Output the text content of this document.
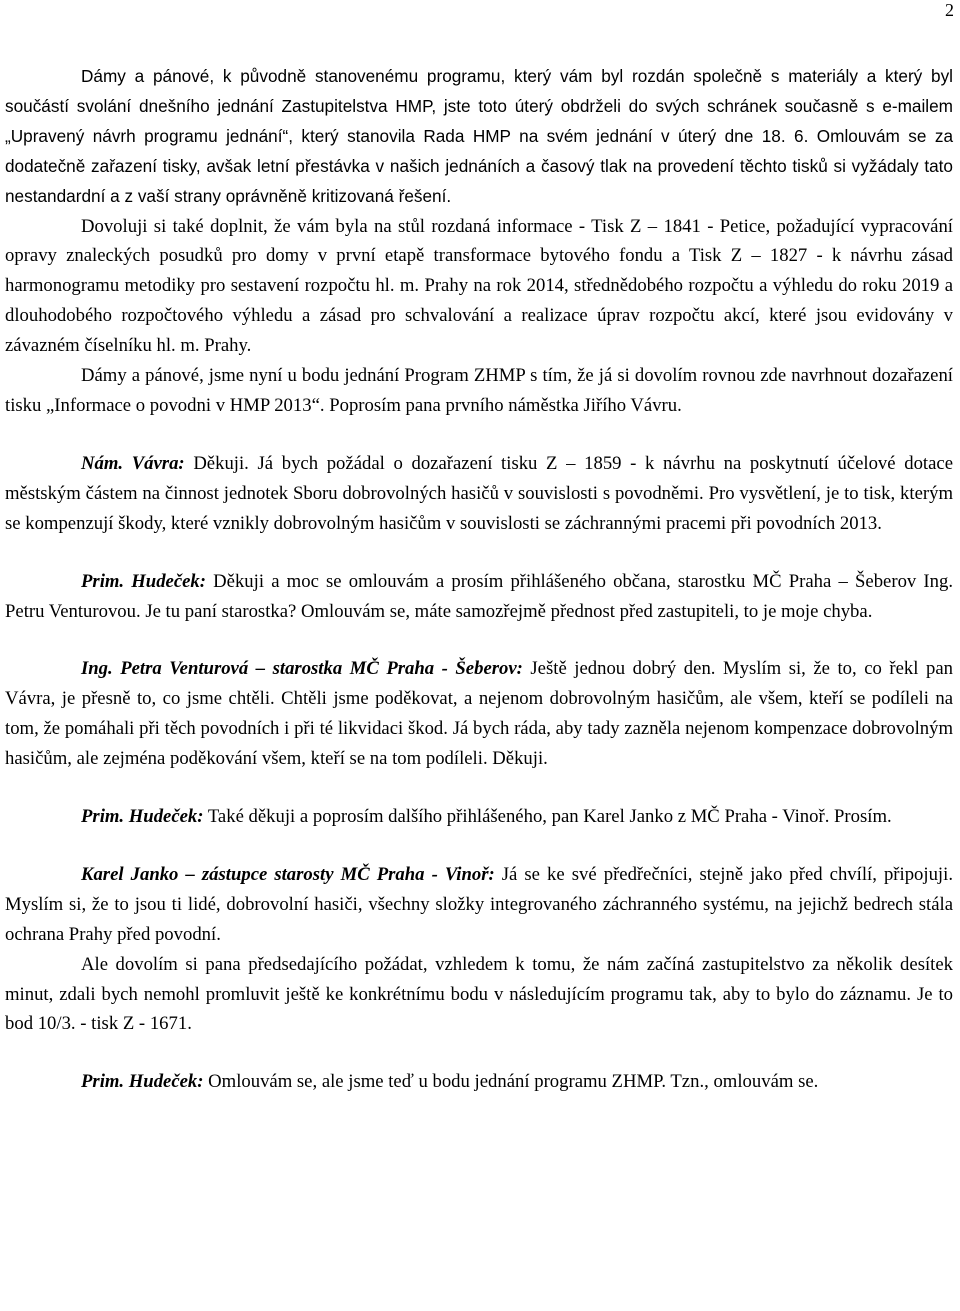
2

Dámy a pánové, k původně stanovenému programu, který vám byl rozdán společně s materiály a který byl součástí svolání dnešního jednání Zastupitelstva HMP, jste toto úterý obdrželi do svých schránek současně s e-mailem „Upravený návrh programu jednání“, který stanovila Rada HMP na svém jednání v úterý dne 18. 6. Omlouvám se za dodatečně zařazení tisky, avšak letní přestávka v našich jednáních a časový tlak na provedení těchto tisků si vyžádaly tato nestandardní a z vaší strany oprávněně kritizovaná řešení.

Dovoluji si také doplnit, že vám byla na stůl rozdaná informace - Tisk Z – 1841 - Petice, požadující vypracování opravy znaleckých posudků pro domy v první etapě transformace bytového fondu a Tisk Z – 1827 - k návrhu zásad harmonogramu metodiky pro sestavení rozpočtu hl. m. Prahy na rok 2014, střednědobého rozpočtu a výhledu do roku 2019 a dlouhodobého rozpočtového výhledu a zásad pro schvalování a realizace úprav rozpočtu akcí, které jsou evidovány v závazném číselníku hl. m. Prahy.

Dámy a pánové, jsme nyní u bodu jednání Program ZHMP s tím, že já si dovolím rovnou zde navrhnout dozařazení tisku „Informace o povodni v HMP 2013“. Poprosím pana prvního náměstka Jiřího Vávru.

Nám. Vávra: Děkuji. Já bych požádal o dozařazení tisku Z – 1859 - k návrhu na poskytnutí účelové dotace městským částem na činnost jednotek Sboru dobrovolných hasičů v souvislosti s povodněmi. Pro vysvětlení, je to tisk, kterým se kompenzují škody, které vznikly dobrovolným hasičům v souvislosti se záchrannými pracemi při povodních 2013.

Prim. Hudeček: Děkuji a moc se omlouvám a prosím přihlášeného občana, starostku MČ Praha – Šeberov Ing. Petru Venturovou. Je tu paní starostka? Omlouvám se, máte samozřejmě přednost před zastupiteli, to je moje chyba.

Ing. Petra Venturová – starostka MČ Praha - Šeberov: Ještě jednou dobrý den. Myslím si, že to, co řekl pan Vávra, je přesně to, co jsme chtěli. Chtěli jsme poděkovat, a nejenom dobrovolným hasičům, ale všem, kteří se podíleli na tom, že pomáhali při těch povodních i při té likvidaci škod. Já bych ráda, aby tady zazněla nejenom kompenzace dobrovolným hasičům, ale zejména poděkování všem, kteří se na tom podíleli. Děkuji.

Prim. Hudeček: Také děkuji a poprosím dalšího přihlášeného, pan Karel Janko z MČ Praha - Vinoř. Prosím.

Karel Janko – zástupce starosty MČ Praha - Vinoř: Já se ke své předřečníci, stejně jako před chvílí, připojuji. Myslím si, že to jsou ti lidé, dobrovolní hasiči, všechny složky integrovaného záchranného systému, na jejichž bedrech stála ochrana Prahy před povodní.

Ale dovolím si pana předsedajícího požádat, vzhledem k tomu, že nám začíná zastupitelstvo za několik desítek minut, zdali bych nemohl promluvit ještě ke konkrétnímu bodu v následujícím programu tak, aby to bylo do záznamu. Je to bod 10/3. - tisk Z - 1671.

Prim. Hudeček: Omlouvám se, ale jsme teď u bodu jednání programu ZHMP. Tzn., omlouvám se.
